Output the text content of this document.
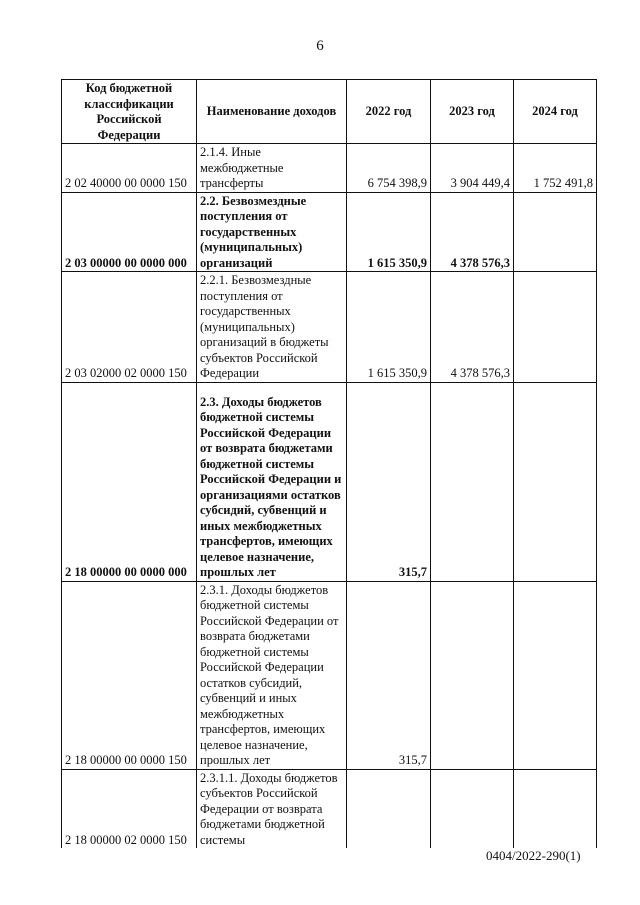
6
Код бюджетной классификации Российской Федерации	Наименование доходов	2022 год	2023 год	2024 год
2 02 40000 00 0000 150	2.1.4. Иные межбюджетные трансферты	6 754 398,9	3 904 449,4	1 752 491,8
2 03 00000 00 0000 000	2.2. Безвозмездные поступления от государственных (муниципальных) организаций	1 615 350,9	4 378 576,3	
2 03 02000 02 0000 150	2.2.1. Безвозмездные поступления от государственных (муниципальных) организаций в бюджеты субъектов Российской Федерации	1 615 350,9	4 378 576,3	
2 18 00000 00 0000 000	2.3. Доходы бюджетов бюджетной системы Российской Федерации от возврата бюджетами бюджетной системы Российской Федерации и организациями остатков субсидий, субвенций и иных межбюджетных трансфертов, имеющих целевое назначение, прошлых лет	315,7		
2 18 00000 00 0000 150	2.3.1. Доходы бюджетов бюджетной системы Российской Федерации от возврата бюджетами бюджетной системы Российской Федерации остатков субсидий, субвенций и иных межбюджетных трансфертов, имеющих целевое назначение, прошлых лет	315,7		
2 18 00000 02 0000 150	2.3.1.1. Доходы бюджетов субъектов Российской Федерации от возврата бюджетами бюджетной системы			
0404/2022-290(1)
